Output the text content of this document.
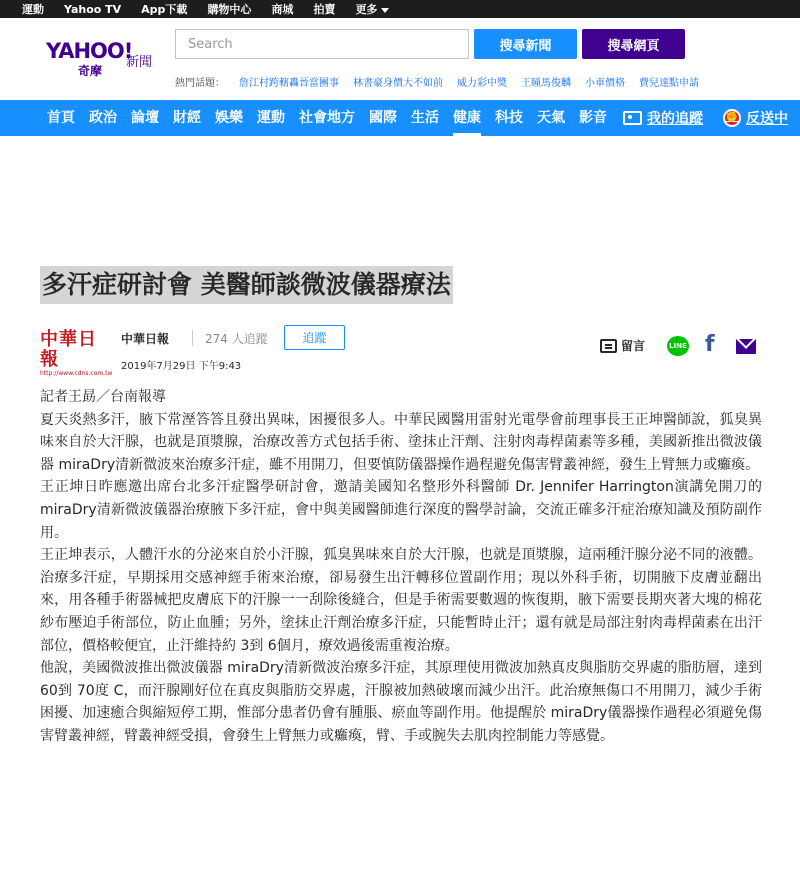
運動 Yahoo TV App下載 購物中心 商城 拍賣 更多
YAHOO!
奇摩
新聞
Search
搜尋新聞	搜尋網頁
熱門話題： 詹江村跨轄轟晉當團事 林書豪身價大不如前 威力彩中獎 王瞳馬俊麟 小車價格 費兒達點申請
首頁 政治 論壇 財經 娛樂 運動 社會地方 國際 生活 健康 科技 天氣 影音	我的追蹤 ✊ 反送中
多汗症研討會 美醫師談微波儀器療法
中華日報
http://www.cdns.com.tw
中華日報	274 人追蹤	追蹤
2019年7月29日 下午9:43
留言	LINE f

記者王勗／台南報導

夏天炎熱多汗，腋下常溼答答且發出異味，困擾很多人。中華民國醫用雷射光電學會前理事長王正坤醫師說，狐臭異味來自於大汗腺，也就是頂漿腺，治療改善方式包括手術、塗抹止汗劑、注射肉毒桿菌素等多種，美國新推出微波儀器 miraDry清新微波來治療多汗症，雖不用開刀，但要慎防儀器操作過程避免傷害臂叢神經，發生上臂無力或癱瘓。

王正坤日昨應邀出席台北多汗症醫學研討會，邀請美國知名整形外科醫師 Dr. Jennifer Harrington演講免開刀的 miraDry清新微波儀器治療腋下多汗症，會中與美國醫師進行深度的醫學討論，交流正確多汗症治療知識及預防副作用。

王正坤表示，人體汗水的分泌來自於小汗腺，狐臭異味來自於大汗腺，也就是頂漿腺，這兩種汗腺分泌不同的液體。治療多汗症，早期採用交感神經手術來治療，卻易發生出汗轉移位置副作用；現以外科手術，切開腋下皮膚並翻出來，用各種手術器械把皮膚底下的汗腺一一刮除後縫合，但是手術需要數週的恢復期，腋下需要長期夾著大塊的棉花紗布壓迫手術部位，防止血腫；另外，塗抹止汗劑治療多汗症，只能暫時止汗；還有就是局部注射肉毒桿菌素在出汗部位，價格較便宜，止汗維持約 3到 6個月，療效過後需重複治療。

他說，美國微波推出微波儀器 miraDry清新微波治療多汗症，其原理使用微波加熱真皮與脂肪交界處的脂肪層，達到 60到 70度 C，而汗腺剛好位在真皮與脂肪交界處，汗腺被加熱破壞而減少出汗。此治療無傷口不用開刀，減少手術困擾、加速癒合與縮短停工期，惟部分患者仍會有腫脹、瘀血等副作用。他提醒於 miraDry儀器操作過程必須避免傷害臂叢神經，臂叢神經受損，會發生上臂無力或癱瘓，臂、手或腕失去肌肉控制能力等感覺。
